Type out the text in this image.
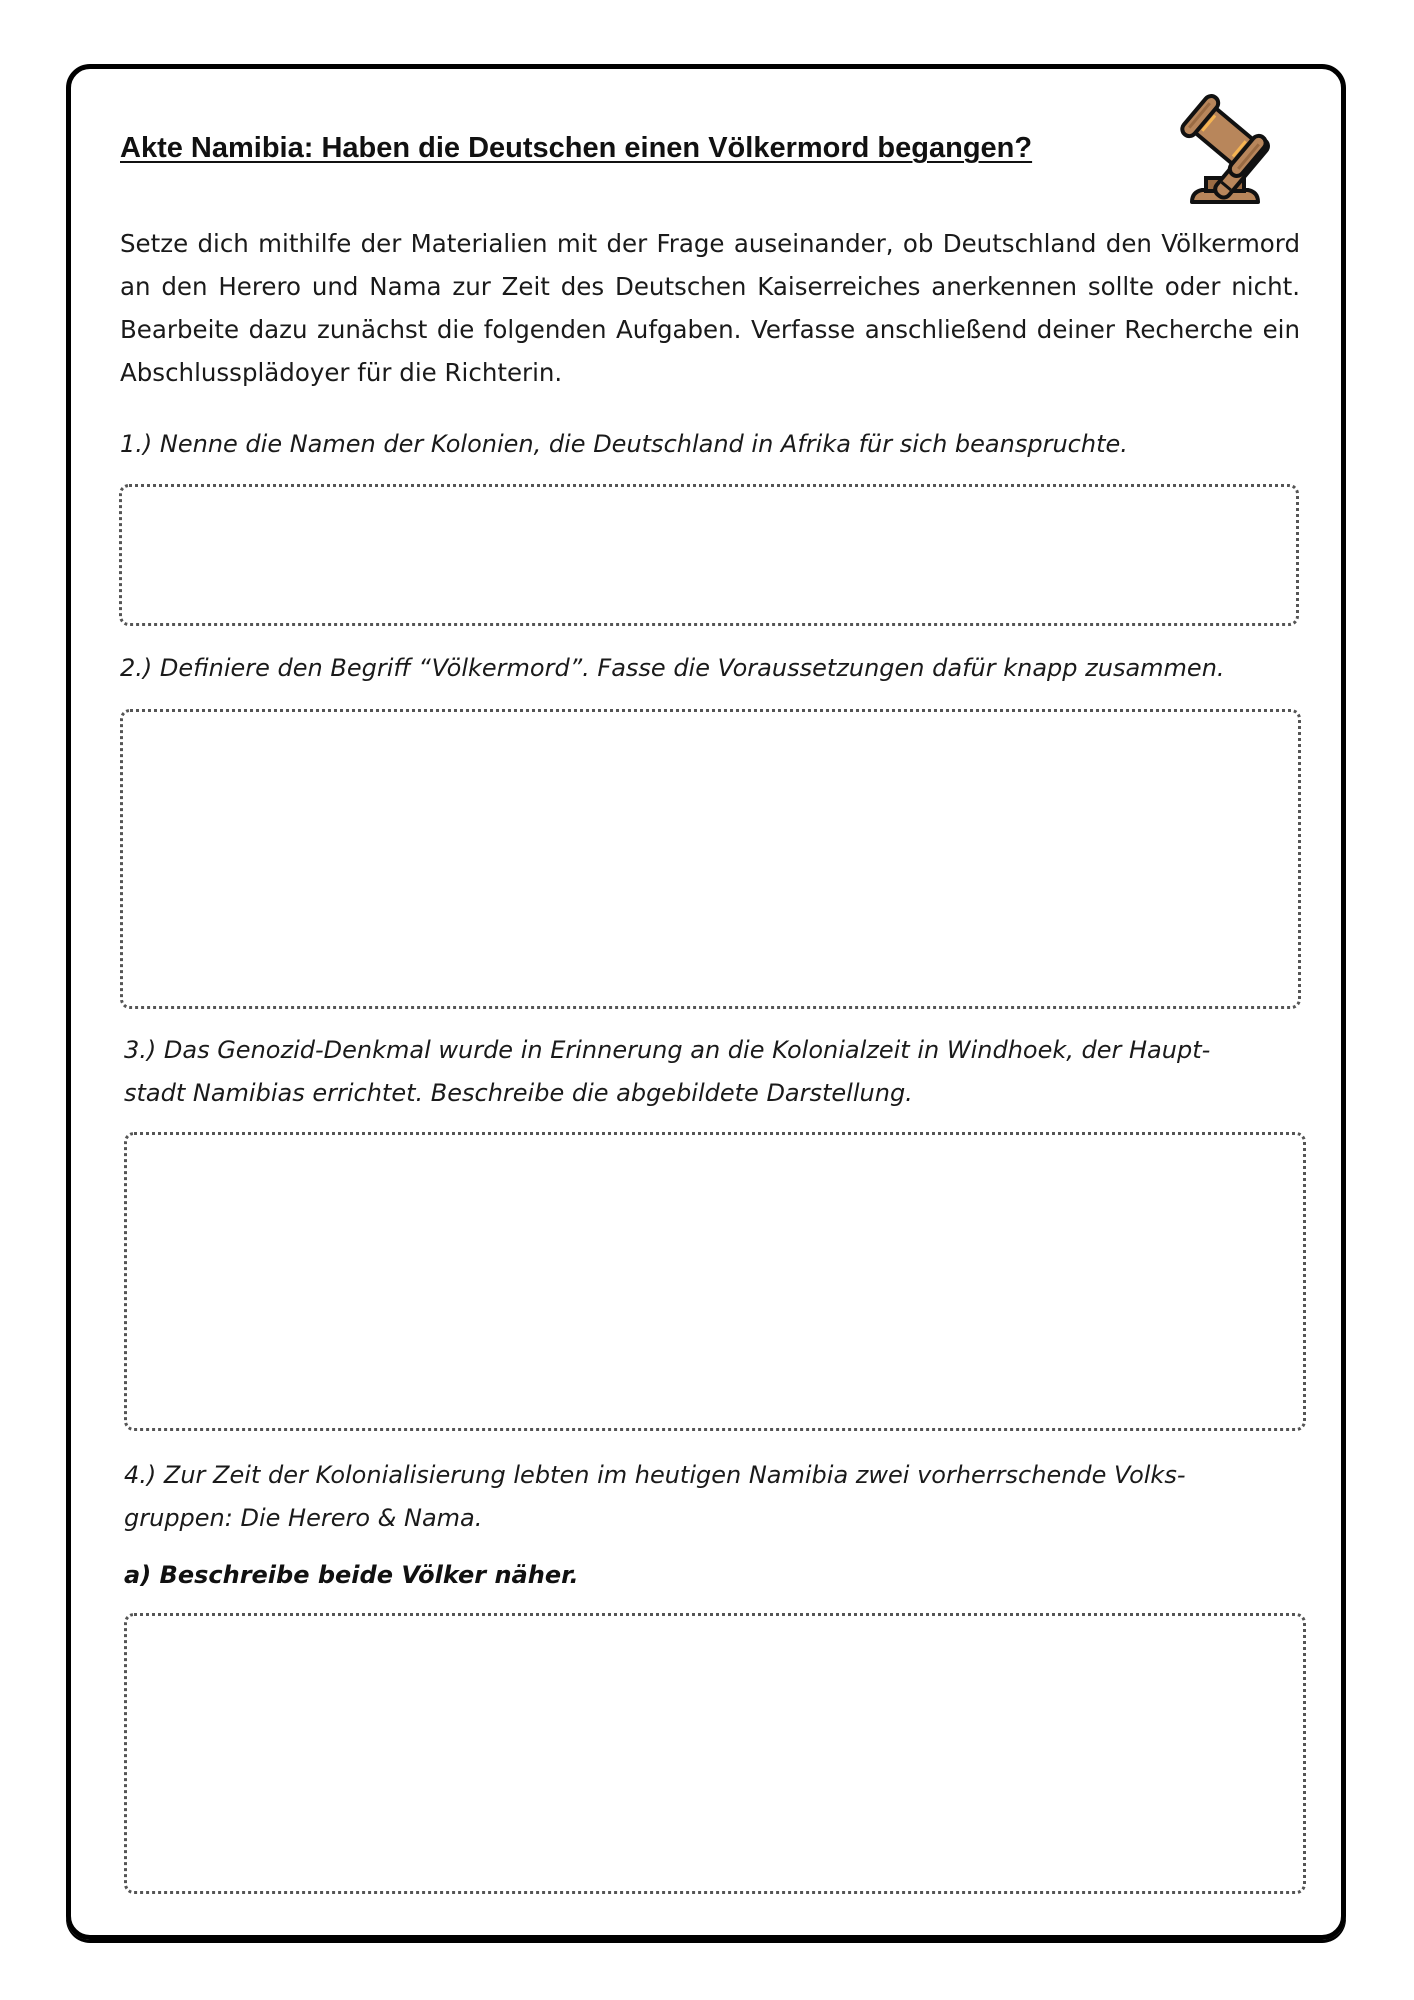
Akte Namibia: Haben die Deutschen einen Völkermord begangen?
Setze dich mithilfe der Materialien mit der Frage auseinander, ob Deutschland den Völkermord an den Herero und Nama zur Zeit des Deutschen Kaiserreiches anerkennen sollte oder nicht. Bearbeite dazu zunächst die folgenden Aufgaben. Verfasse anschließend deiner Recherche ein Abschlussplädoyer für die Richterin.
1.) Nenne die Namen der Kolonien, die Deutschland in Afrika für sich beanspruchte.
2.) Definiere den Begriff “Völkermord”. Fasse die Voraussetzungen dafür knapp zusammen.
3.) Das Genozid-Denkmal wurde in Erinnerung an die Kolonialzeit in Windhoek, der Haupt-
stadt Namibias errichtet. Beschreibe die abgebildete Darstellung.
4.) Zur Zeit der Kolonialisierung lebten im heutigen Namibia zwei vorherrschende Volks-
gruppen: Die Herero & Nama.
a) Beschreibe beide Völker näher.
